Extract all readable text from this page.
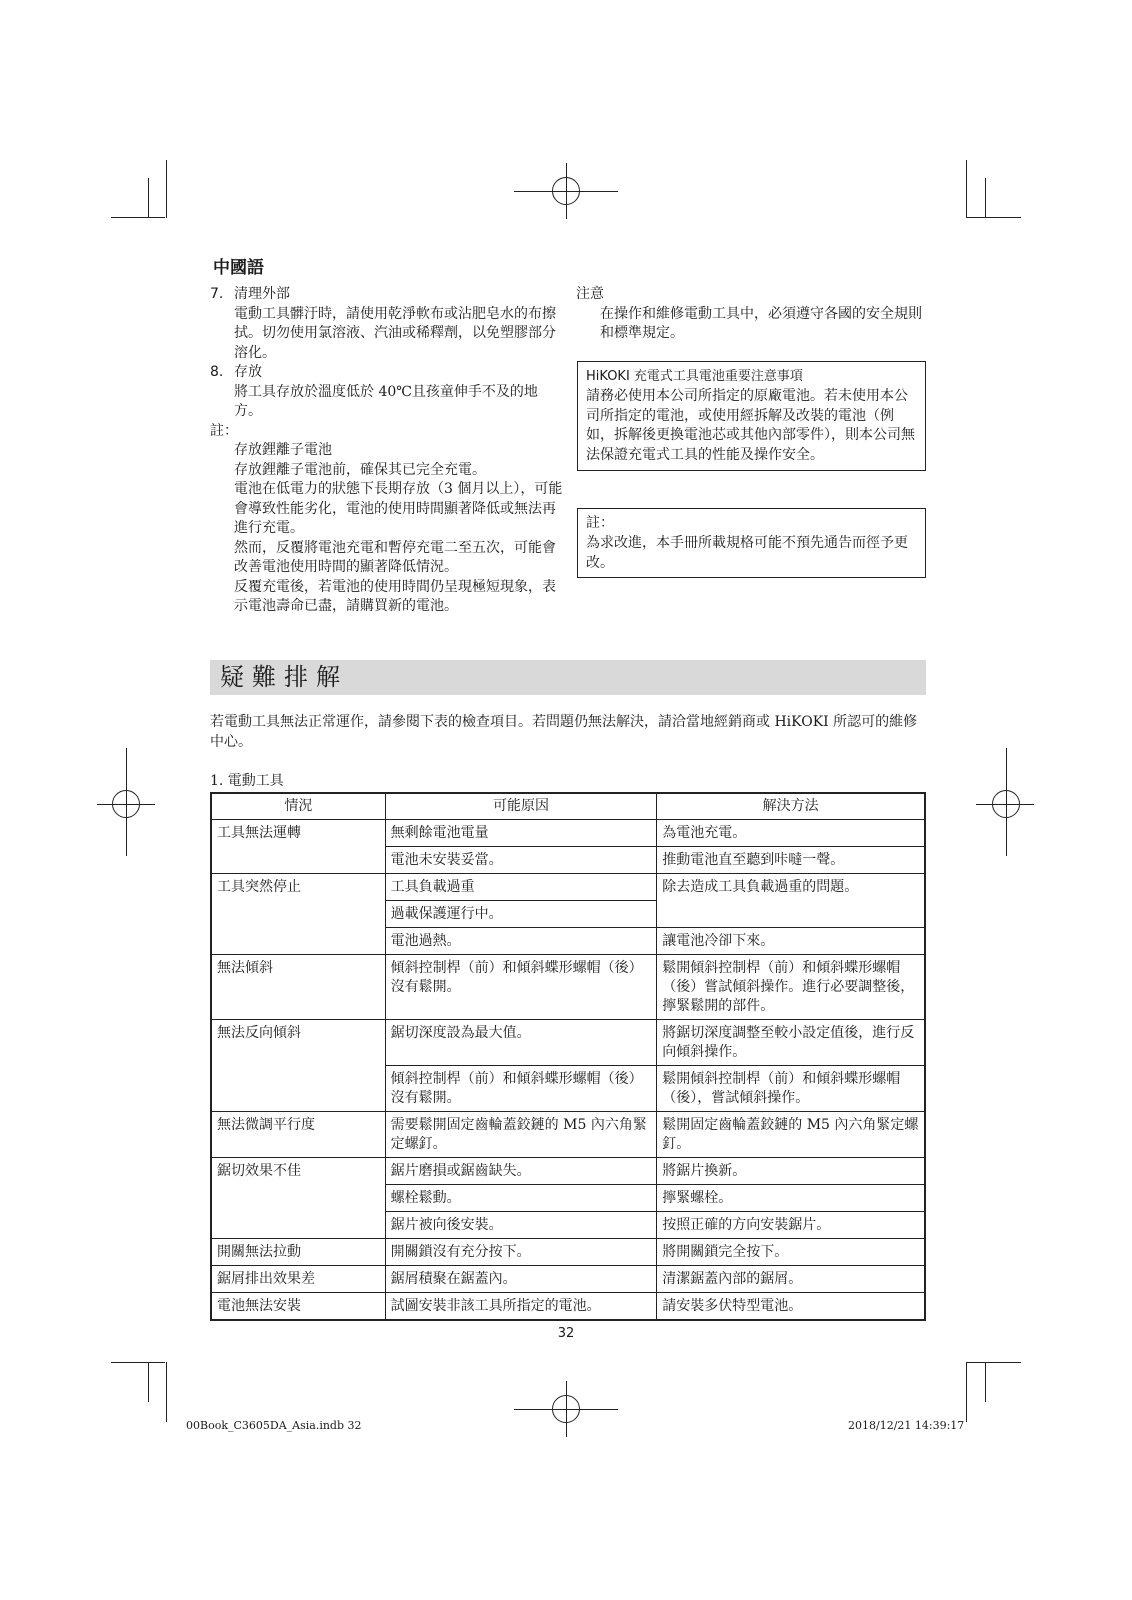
中國語
7. 清理外部
電動工具髒汙時，請使用乾淨軟布或沾肥皂水的布擦拭。切勿使用氯溶液、汽油或稀釋劑，以免塑膠部分溶化。
8. 存放
將工具存放於溫度低於 40℃且孩童伸手不及的地方。
註：
存放鋰離子電池
存放鋰離子電池前，確保其已完全充電。
電池在低電力的狀態下長期存放（3 個月以上），可能會導致性能劣化，電池的使用時間顯著降低或無法再進行充電。
然而，反覆將電池充電和暫停充電二至五次，可能會改善電池使用時間的顯著降低情況。
反覆充電後，若電池的使用時間仍呈現極短現象，表示電池壽命已盡，請購買新的電池。
注意
在操作和維修電動工具中，必須遵守各國的安全規則和標準規定。
HiKOKI 充電式工具電池重要注意事項
請務必使用本公司所指定的原廠電池。若未使用本公司所指定的電池，或使用經拆解及改裝的電池（例如，拆解後更換電池芯或其他內部零件），則本公司無法保證充電式工具的性能及操作安全。
註：
為求改進，本手冊所載規格可能不預先通告而徑予更改。
疑難排解
若電動工具無法正常運作，請參閱下表的檢查項目。若問題仍無法解決，請洽當地經銷商或 HiKOKI 所認可的維修中心。
1. 電動工具
情況	可能原因	解決方法
工具無法運轉	無剩餘電池電量	為電池充電。
	電池未安裝妥當。	推動電池直至聽到咔噠一聲。
工具突然停止	工具負載過重	除去造成工具負載過重的問題。
	過載保護運行中。	
	電池過熱。	讓電池冷卻下來。
無法傾斜	傾斜控制桿（前）和傾斜蝶形螺帽（後）沒有鬆開。	鬆開傾斜控制桿（前）和傾斜蝶形螺帽（後）嘗試傾斜操作。進行必要調整後，擰緊鬆開的部件。
無法反向傾斜	鋸切深度設為最大值。	將鋸切深度調整至較小設定值後，進行反向傾斜操作。
	傾斜控制桿（前）和傾斜蝶形螺帽（後）沒有鬆開。	鬆開傾斜控制桿（前）和傾斜蝶形螺帽（後），嘗試傾斜操作。
無法微調平行度	需要鬆開固定齒輪蓋鉸鏈的 M5 內六角緊定螺釘。	鬆開固定齒輪蓋鉸鏈的 M5 內六角緊定螺釘。
鋸切效果不佳	鋸片磨損或鋸齒缺失。	將鋸片換新。
	螺栓鬆動。	擰緊螺栓。
	鋸片被向後安裝。	按照正確的方向安裝鋸片。
開關無法拉動	開關鎖沒有充分按下。	將開關鎖完全按下。
鋸屑排出效果差	鋸屑積聚在鋸蓋內。	清潔鋸蓋內部的鋸屑。
電池無法安裝	試圖安裝非該工具所指定的電池。	請安裝多伏特型電池。
32
00Book_C3605DA_Asia.indb 32	2018/12/21 14:39:17
